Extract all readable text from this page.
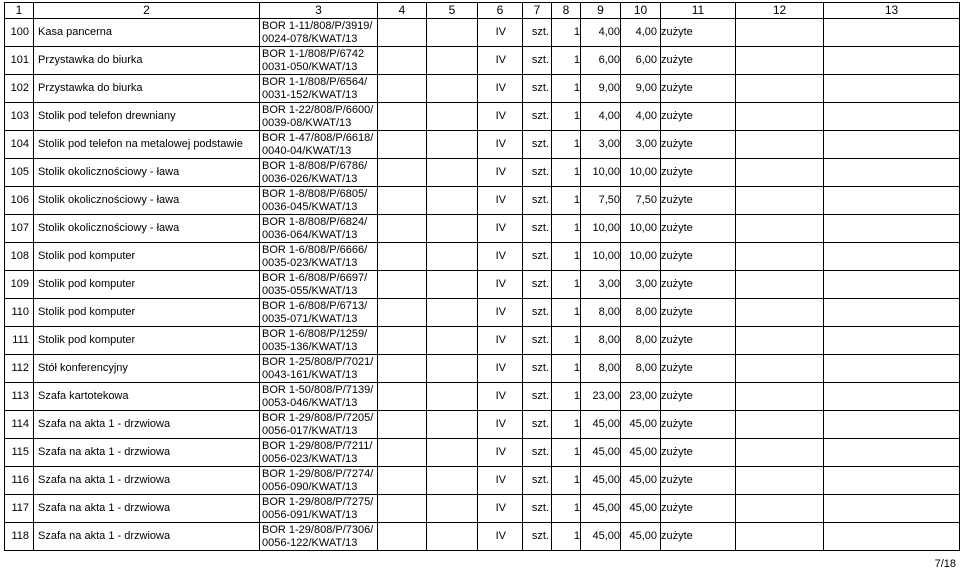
1	2	3	4	5	6	7	8	9	10	11	12	13
100	Kasa pancerna	BOR 1-11/808/P/3919/
0024-078/KWAT/13			IV	szt.	1	4,00	4,00	zużyte		
101	Przystawka do biurka	BOR 1-1/808/P/6742
0031-050/KWAT/13			IV	szt.	1	6,00	6,00	zużyte		
102	Przystawka do biurka	BOR 1-1/808/P/6564/
0031-152/KWAT/13			IV	szt.	1	9,00	9,00	zużyte		
103	Stolik pod telefon drewniany	BOR 1-22/808/P/6600/
0039-08/KWAT/13			IV	szt.	1	4,00	4,00	zużyte		
104	Stolik pod telefon na metalowej podstawie	BOR 1-47/808/P/6618/
0040-04/KWAT/13			IV	szt.	1	3,00	3,00	zużyte		
105	Stolik okolicznościowy - ława	BOR 1-8/808/P/6786/
0036-026/KWAT/13			IV	szt.	1	10,00	10,00	zużyte		
106	Stolik okolicznościowy - ława	BOR 1-8/808/P/6805/
0036-045/KWAT/13			IV	szt.	1	7,50	7,50	zużyte		
107	Stolik okolicznościowy - ława	BOR 1-8/808/P/6824/
0036-064/KWAT/13			IV	szt.	1	10,00	10,00	zużyte		
108	Stolik pod komputer	BOR 1-6/808/P/6666/
0035-023/KWAT/13			IV	szt.	1	10,00	10,00	zużyte		
109	Stolik pod komputer	BOR 1-6/808/P/6697/
0035-055/KWAT/13			IV	szt.	1	3,00	3,00	zużyte		
110	Stolik pod komputer	BOR 1-6/808/P/6713/
0035-071/KWAT/13			IV	szt.	1	8,00	8,00	zużyte		
111	Stolik pod komputer	BOR 1-6/808/P/1259/
0035-136/KWAT/13			IV	szt.	1	8,00	8,00	zużyte		
112	Stół konferencyjny	BOR 1-25/808/P/7021/
0043-161/KWAT/13			IV	szt.	1	8,00	8,00	zużyte		
113	Szafa kartotekowa	BOR 1-50/808/P/7139/
0053-046/KWAT/13			IV	szt.	1	23,00	23,00	zużyte		
114	Szafa na akta 1 - drzwiowa	BOR 1-29/808/P/7205/
0056-017/KWAT/13			IV	szt.	1	45,00	45,00	zużyte		
115	Szafa na akta 1 - drzwiowa	BOR 1-29/808/P/7211/
0056-023/KWAT/13			IV	szt.	1	45,00	45,00	zużyte		
116	Szafa na akta 1 - drzwiowa	BOR 1-29/808/P/7274/
0056-090/KWAT/13			IV	szt.	1	45,00	45,00	zużyte		
117	Szafa na akta 1 - drzwiowa	BOR 1-29/808/P/7275/
0056-091/KWAT/13			IV	szt.	1	45,00	45,00	zużyte		
118	Szafa na akta 1 - drzwiowa	BOR 1-29/808/P/7306/
0056-122/KWAT/13			IV	szt.	1	45,00	45,00	zużyte		
7/18
